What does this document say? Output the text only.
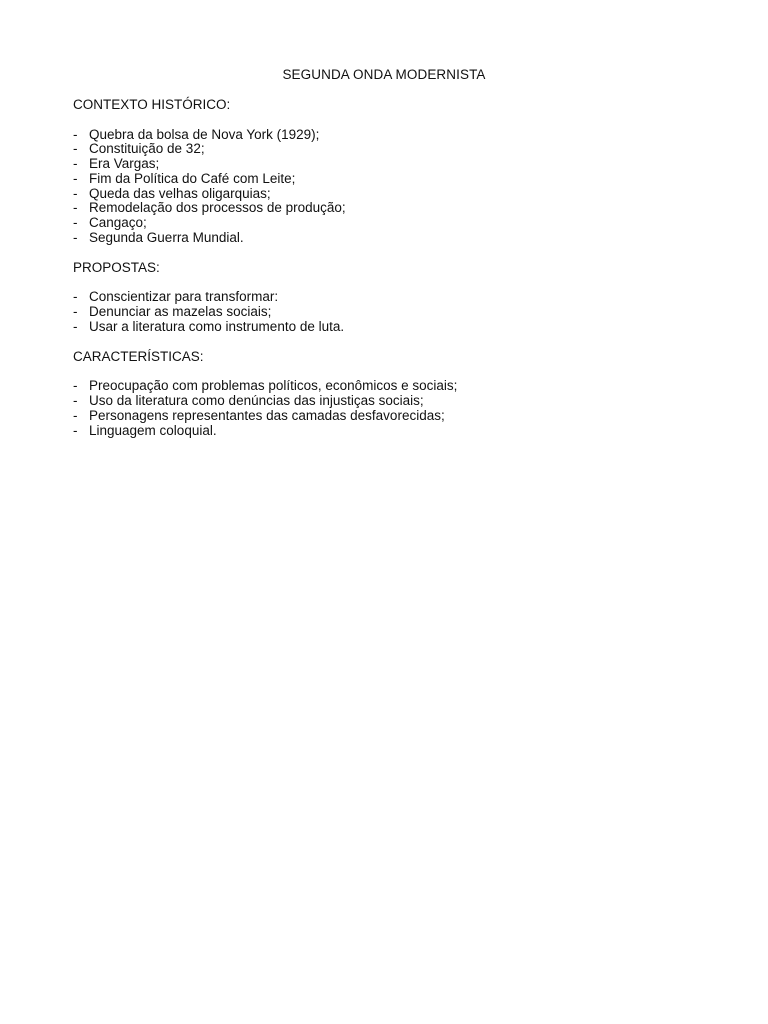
SEGUNDA ONDA MODERNISTA
CONTEXTO HISTÓRICO:
- Quebra da bolsa de Nova York (1929);
- Constituição de 32;
- Era Vargas;
- Fim da Política do Café com Leite;
- Queda das velhas oligarquias;
- Remodelação dos processos de produção;
- Cangaço;
- Segunda Guerra Mundial.
PROPOSTAS:
- Conscientizar para transformar:
- Denunciar as mazelas sociais;
- Usar a literatura como instrumento de luta.
CARACTERÍSTICAS:
- Preocupação com problemas políticos, econômicos e sociais;
- Uso da literatura como denúncias das injustiças sociais;
- Personagens representantes das camadas desfavorecidas;
- Linguagem coloquial.
